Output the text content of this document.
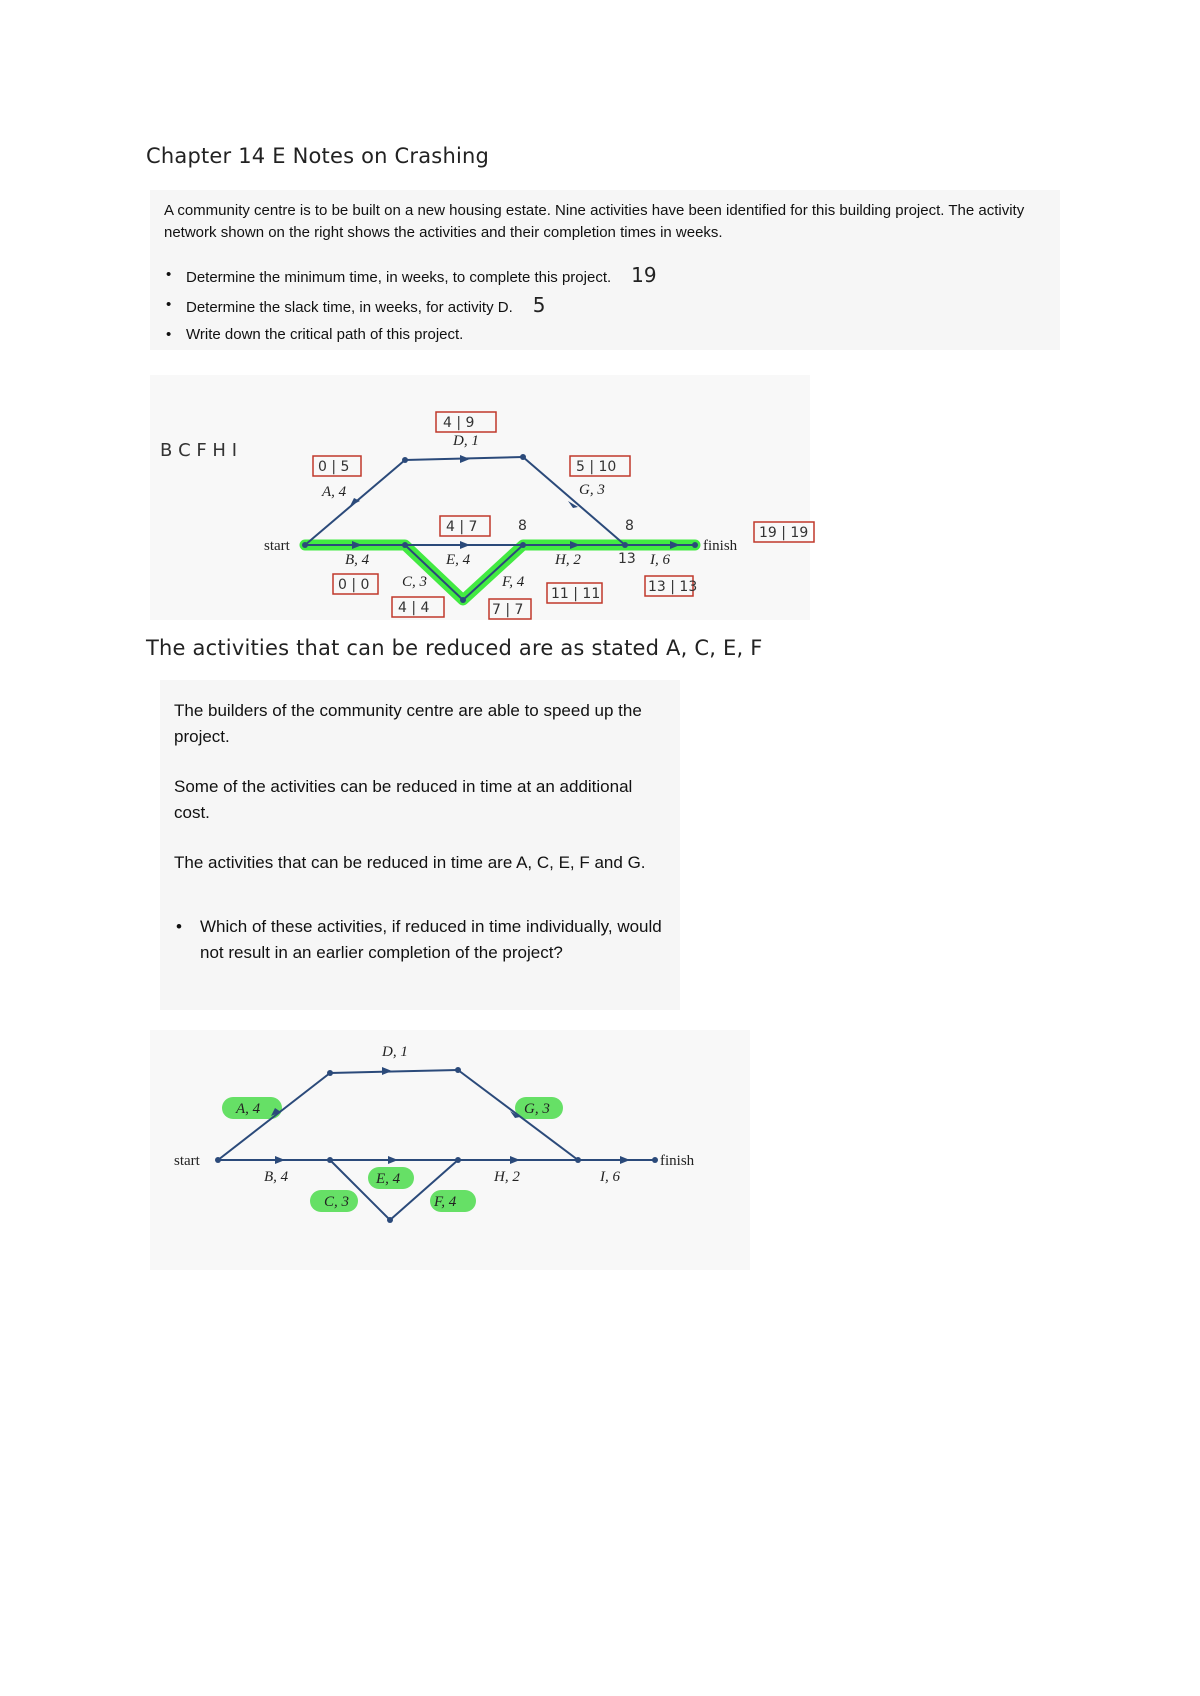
Chapter 14 E Notes on Crashing
A community centre is to be built on a new housing estate. Nine activities have been identified for this building project. The activity network shown on the right shows the activities and their completion times in weeks.
• Determine the minimum time, in weeks, to complete this project. 19
• Determine the slack time, in weeks, for activity D. 5
• Write down the critical path of this project.
B C F H I
start	finish
A, 4
B, 4
C, 3
D, 1
E, 4
F, 4
G, 3
H, 2	I, 6
0 | 0
0 | 5
4 | 4
4 | 9
4 | 7
7 | 7
5 | 10
11 | 11	13 | 13
19 | 19
8	8
13
The activities that can be reduced are as stated A, C, E, F
The builders of the community centre are able to speed up the project.
Some of the activities can be reduced in time at an additional cost.
The activities that can be reduced in time are A, C, E, F and G.
• Which of these activities, if reduced in time individually, would not result in an earlier completion of the project?
start	finish
A, 4
B, 4
C, 3
D, 1
E, 4
F, 4
G, 3
H, 2	I, 6
